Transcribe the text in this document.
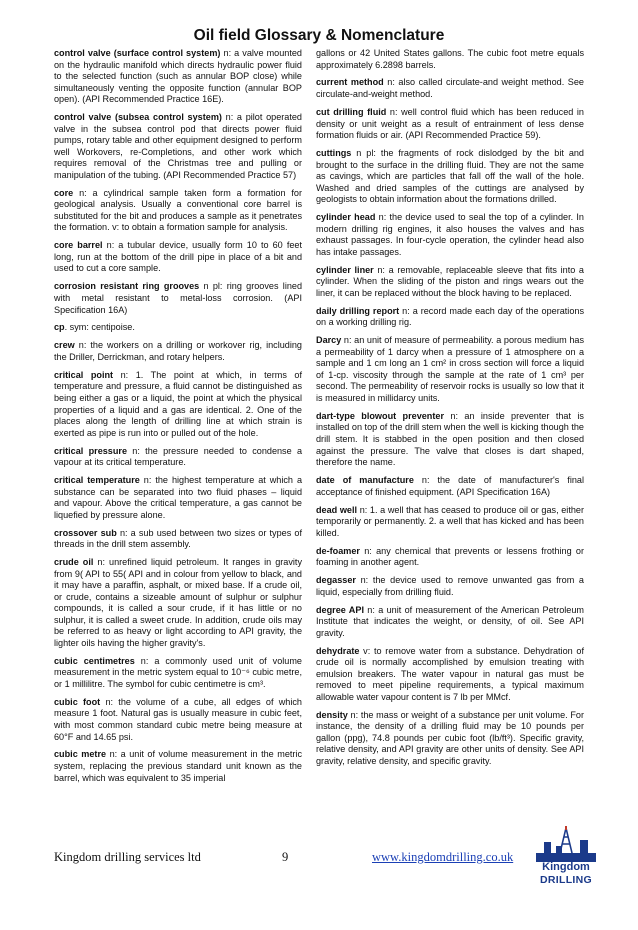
Oil field Glossary & Nomenclature

control valve (surface control system) n: a valve mounted on the hydraulic manifold which directs hydraulic power fluid to the selected function (such as annular BOP close) while simultaneously venting the opposite function (annular BOP open). (API Recommended Practice 16E).

control valve (subsea control system) n: a pilot operated valve in the subsea control pod that directs power fluid pumps, rotary table and other equipment designed to perform well Workovers, re-Completions, and other work which requires removal of the Christmas tree and pulling or manipulation of the tubing. (API Recommended Practice 57)

core n: a cylindrical sample taken form a formation for geological analysis. Usually a conventional core barrel is substituted for the bit and produces a sample as it penetrates the formation. v: to obtain a formation sample for analysis.

core barrel n: a tubular device, usually form 10 to 60 feet long, run at the bottom of the drill pipe in place of a bit and used to cut a core sample.

corrosion resistant ring grooves n pl: ring grooves lined with metal resistant to metal-loss corrosion. (API Specification 16A)

cp. sym: centipoise.

crew n: the workers on a drilling or workover rig, including the Driller, Derrickman, and rotary helpers.

critical point n: 1. The point at which, in terms of temperature and pressure, a fluid cannot be distinguished as being either a gas or a liquid, the point at which the physical properties of a liquid and a gas are identical. 2. One of the places along the length of drilling line at which strain is exerted as pipe is run into or pulled out of the hole.

critical pressure n: the pressure needed to condense a vapour at its critical temperature.

critical temperature n: the highest temperature at which a substance can be separated into two fluid phases – liquid and vapour. Above the critical temperature, a gas cannot be liquefied by pressure alone.

crossover sub n: a sub used between two sizes or types of threads in the drill stem assembly.

crude oil n: unrefined liquid petroleum. It ranges in gravity from 9( API to 55( API and in colour from yellow to black, and it may have a paraffin, asphalt, or mixed base. If a crude oil, or crude, contains a sizeable amount of sulphur or sulphur compounds, it is called a sour crude, if it has little or no sulphur, it is called a sweet crude. In addition, crude oils may be referred to as heavy or light according to API gravity, the lighter oils having the higher gravity's.

cubic centimetres n: a commonly used unit of volume measurement in the metric system equal to 10⁻⁶ cubic metre, or 1 millilitre. The symbol for cubic centimetre is cm³.

cubic foot n: the volume of a cube, all edges of which measure 1 foot. Natural gas is usually measure in cubic feet, with most common standard cubic metre being measure at 60°F and 14.65 psi.

cubic metre n: a unit of volume measurement in the metric system, replacing the previous standard unit known as the barrel, which was equivalent to 35 imperial

gallons or 42 United States gallons. The cubic foot metre equals approximately 6.2898 barrels.

current method n: also called circulate-and weight method. See circulate-and-weight method.

cut drilling fluid n: well control fluid which has been reduced in density or unit weight as a result of entrainment of less dense formation fluids or air. (API Recommended Practice 59).

cuttings n pl: the fragments of rock dislodged by the bit and brought to the surface in the drilling fluid. They are not the same as cavings, which are particles that fall off the wall of the hole. Washed and dried samples of the cuttings are analysed by geologists to obtain information about the formations drilled.

cylinder head n: the device used to seal the top of a cylinder. In modern drilling rig engines, it also houses the valves and has exhaust passages. In four-cycle operation, the cylinder head also has intake passages.

cylinder liner n: a removable, replaceable sleeve that fits into a cylinder. When the sliding of the piston and rings wears out the liner, it can be replaced without the block having to be replaced.

daily drilling report n: a record made each day of the operations on a working drilling rig.

Darcy n: an unit of measure of permeability. a porous medium has a permeability of 1 darcy when a pressure of 1 atmosphere on a sample and 1 cm long an 1 cm² in cross section will force a liquid of 1-cp. viscosity through the sample at the rate of 1 cm³ per second. The permeability of reservoir rocks is usually so low that it is measured in millidarcy units.

dart-type blowout preventer n: an inside preventer that is installed on top of the drill stem when the well is kicking though the drill stem. It is stabbed in the open position and then closed against the pressure. The valve that closes is dart shaped, therefore the name.

date of manufacture n: the date of manufacturer's final acceptance of finished equipment. (API Specification 16A)

dead well n: 1. a well that has ceased to produce oil or gas, either temporarily or permanently. 2. a well that has kicked and has been killed.

de-foamer n: any chemical that prevents or lessens frothing or foaming in another agent.

degasser n: the device used to remove unwanted gas from a liquid, especially from drilling fluid.

degree API n: a unit of measurement of the American Petroleum Institute that indicates the weight, or density, of oil. See API gravity.

dehydrate v: to remove water from a substance. Dehydration of crude oil is normally accomplished by emulsion treating with emulsion breakers. The water vapour in natural gas must be removed to meet pipeline requirements, a typical maximum allowable water vapour content is 7 lb per MMcf.

density n: the mass or weight of a substance per unit volume. For instance, the density of a drilling fluid may be 10 pounds per gallon (ppg), 74.8 pounds per cubic foot (lb/ft³). Specific gravity, relative density, and API gravity are other units of density. See API gravity, relative density, and specific gravity.

Kingdom drilling services ltd	9	www.kingdomdrilling.co.uk
Kingdom
DRILLING
